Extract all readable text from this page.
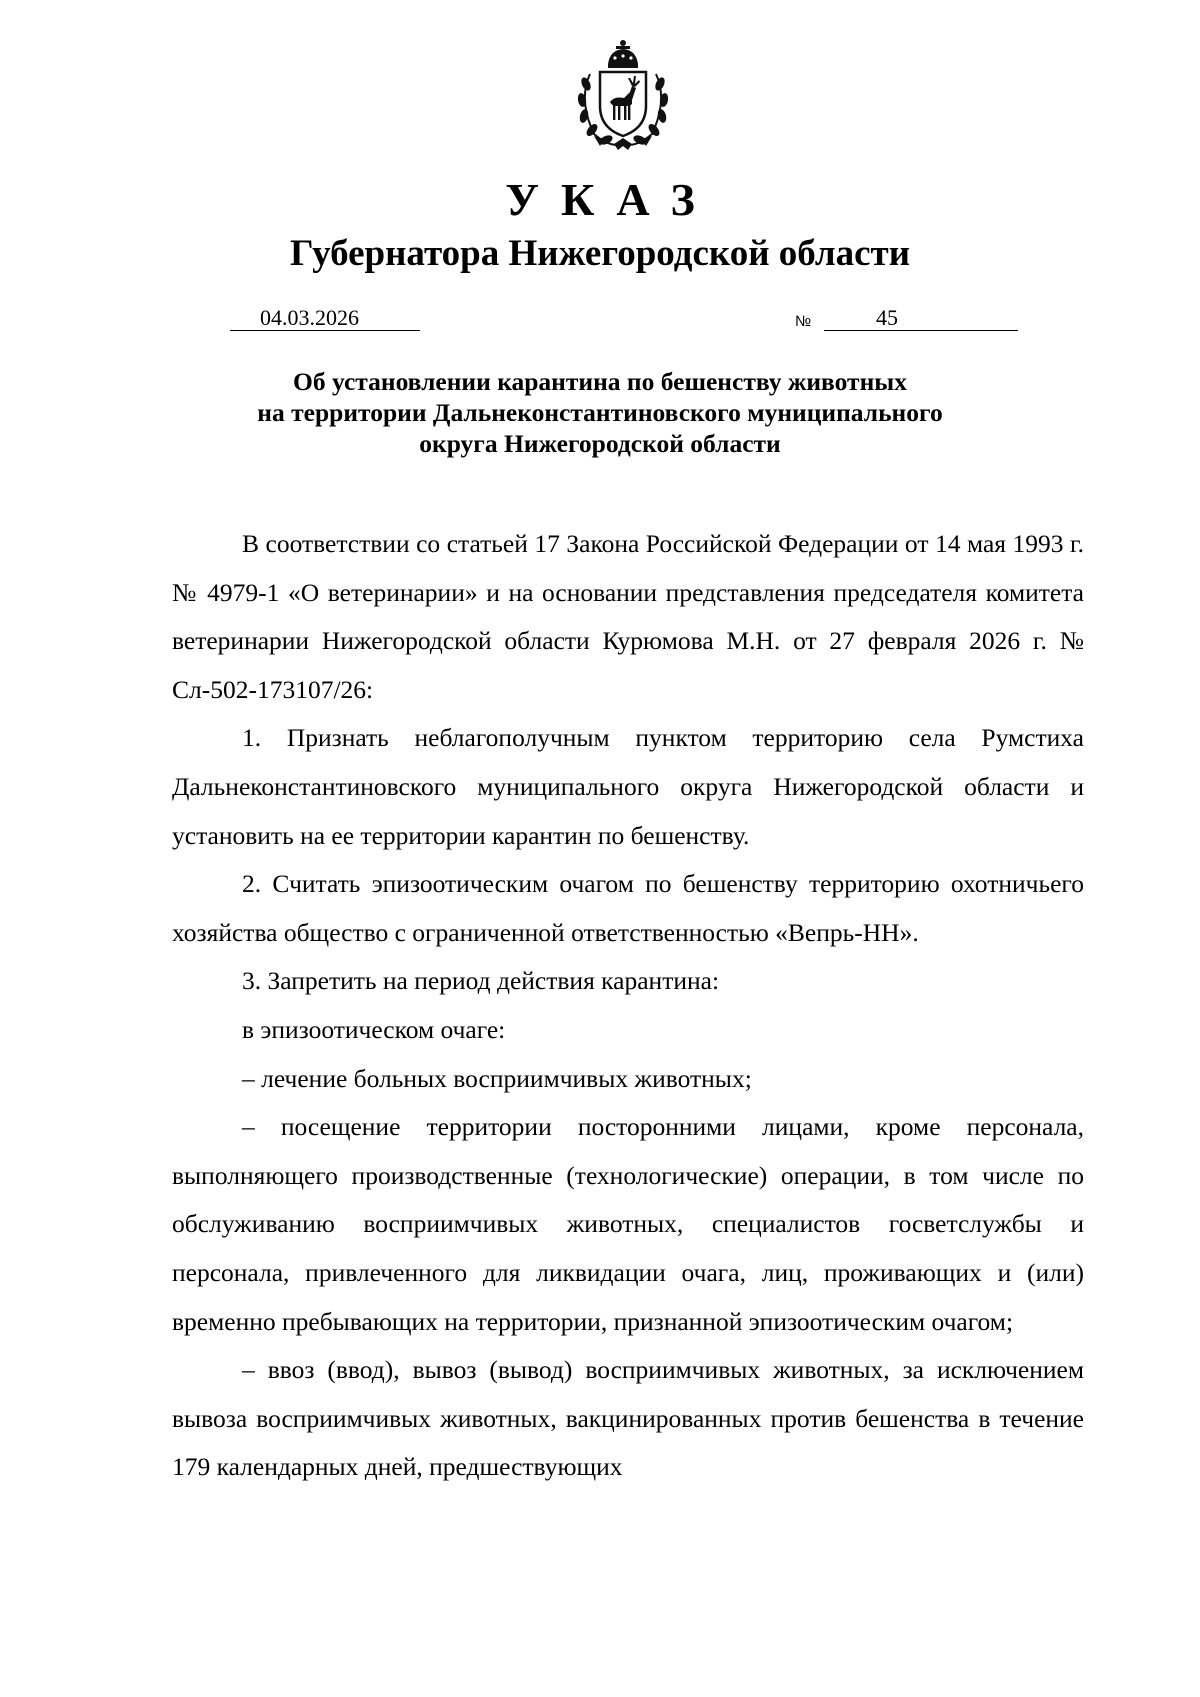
УКАЗ
Губернатора Нижегородской области
04.03.2026	№	45
Об установлении карантина по бешенству животных
на территории Дальнеконстантиновского муниципального
округа Нижегородской области

В соответствии со статьей 17 Закона Российской Федерации от 14 мая 1993 г. № 4979-1 «О ветеринарии» и на основании представления председателя комитета ветеринарии Нижегородской области Курюмова М.Н. от 27 февраля 2026 г. № Сл-502-173107/26:

1. Признать неблагополучным пунктом территорию села Румстиха Дальнеконстантиновского муниципального округа Нижегородской области и установить на ее территории карантин по бешенству.

2. Считать эпизоотическим очагом по бешенству территорию охотничьего хозяйства общество с ограниченной ответственностью «Вепрь-НН».

3. Запретить на период действия карантина:

в эпизоотическом очаге:

– лечение больных восприимчивых животных;

– посещение территории посторонними лицами, кроме персонала, выполняющего производственные (технологические) операции, в том числе по обслуживанию восприимчивых животных, специалистов госветслужбы и персонала, привлеченного для ликвидации очага, лиц, проживающих и (или) временно пребывающих на территории, признанной эпизоотическим очагом;

– ввоз (ввод), вывоз (вывод) восприимчивых животных, за исключением вывоза восприимчивых животных, вакцинированных против бешенства в течение 179 календарных дней, предшествующих
